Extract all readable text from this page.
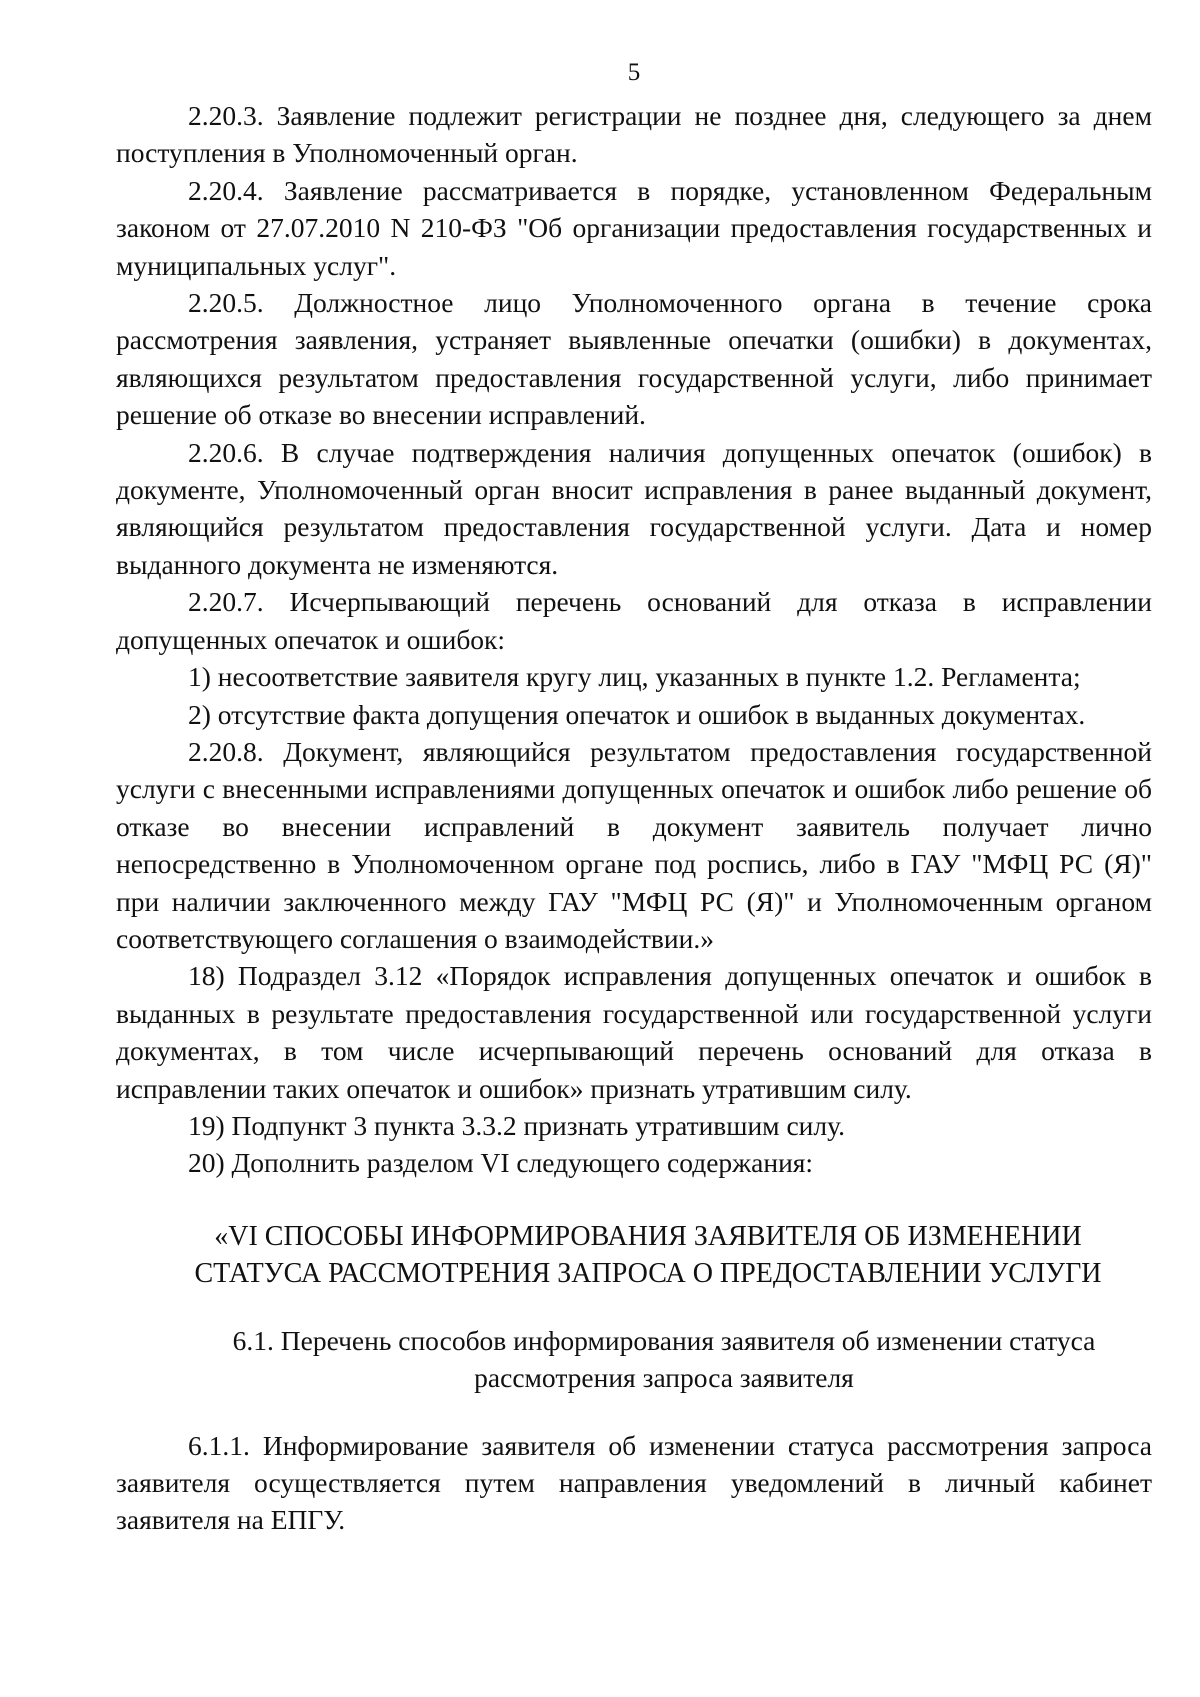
5

2.20.3. Заявление подлежит регистрации не позднее дня, следующего за днем поступления в Уполномоченный орган.

2.20.4. Заявление рассматривается в порядке, установленном Федеральным законом от 27.07.2010 N 210-ФЗ "Об организации предоставления государственных и муниципальных услуг".

2.20.5. Должностное лицо Уполномоченного органа в течение срока рассмотрения заявления, устраняет выявленные опечатки (ошибки) в документах, являющихся результатом предоставления государственной услуги, либо принимает решение об отказе во внесении исправлений.

2.20.6. В случае подтверждения наличия допущенных опечаток (ошибок) в документе, Уполномоченный орган вносит исправления в ранее выданный документ, являющийся результатом предоставления государственной услуги. Дата и номер выданного документа не изменяются.

2.20.7. Исчерпывающий перечень оснований для отказа в исправлении допущенных опечаток и ошибок:

1) несоответствие заявителя кругу лиц, указанных в пункте 1.2. Регламента;

2) отсутствие факта допущения опечаток и ошибок в выданных документах.

2.20.8. Документ, являющийся результатом предоставления государственной услуги с внесенными исправлениями допущенных опечаток и ошибок либо решение об отказе во внесении исправлений в документ заявитель получает лично непосредственно в Уполномоченном органе под роспись, либо в ГАУ "МФЦ РС (Я)" при наличии заключенного между ГАУ "МФЦ РС (Я)" и Уполномоченным органом соответствующего соглашения о взаимодействии.»

18) Подраздел 3.12 «Порядок исправления допущенных опечаток и ошибок в выданных в результате предоставления государственной или государственной услуги документах, в том числе исчерпывающий перечень оснований для отказа в исправлении таких опечаток и ошибок» признать утратившим силу.

19) Подпункт 3 пункта 3.3.2 признать утратившим силу.

20) Дополнить разделом VI следующего содержания:

«VI СПОСОБЫ ИНФОРМИРОВАНИЯ ЗАЯВИТЕЛЯ ОБ ИЗМЕНЕНИИ
СТАТУСА РАССМОТРЕНИЯ ЗАПРОСА О ПРЕДОСТАВЛЕНИИ УСЛУГИ

6.1. Перечень способов информирования заявителя об изменении статуса
рассмотрения запроса заявителя

6.1.1. Информирование заявителя об изменении статуса рассмотрения запроса заявителя осуществляется путем направления уведомлений в личный кабинет заявителя на ЕПГУ.
